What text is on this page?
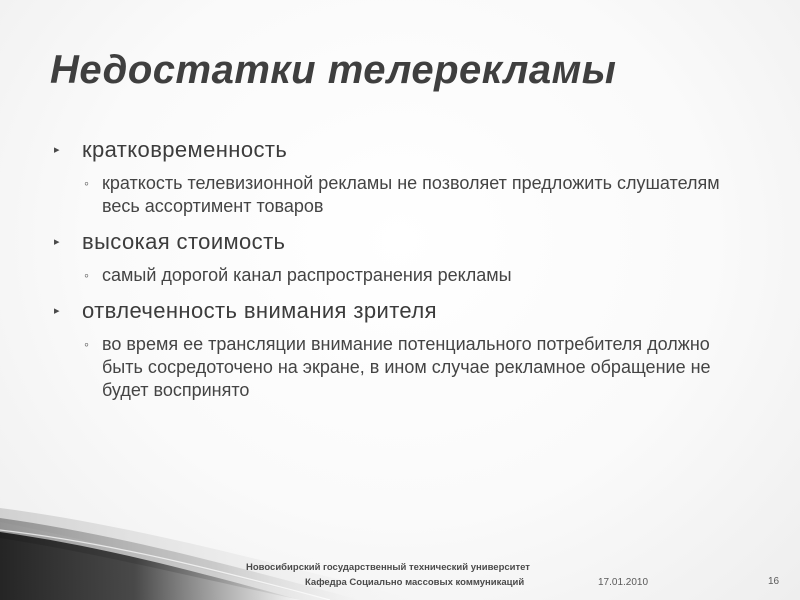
Недостатки телерекламы
▸ кратковременность
◦ краткость телевизионной рекламы не позволяет предложить слушателям весь ассортимент товаров
▸ высокая стоимость
◦ самый дорогой канал распространения рекламы
▸ отвлеченность внимания зрителя
◦ во время ее трансляции внимание потенциального потребителя должно быть сосредоточено на экране, в ином случае рекламное обращение не будет воспринято
Новосибирский государственный технический университет
Кафедра Социально массовых коммуникаций	17.01.2010	16
